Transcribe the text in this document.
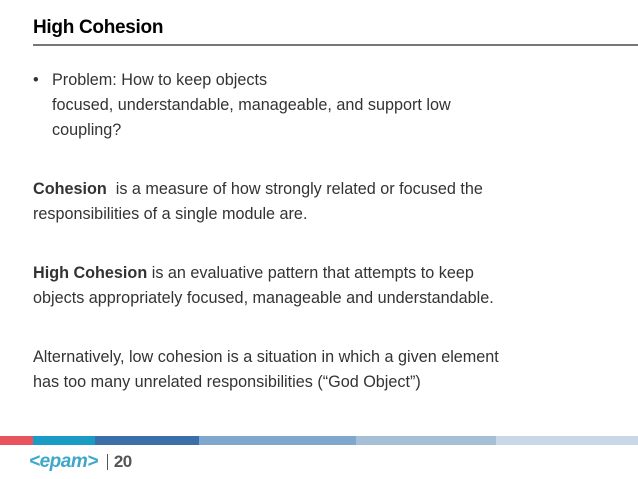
High Cohesion
• Problem: How to keep objects
focused, understandable, manageable, and support low
coupling?

Cohesion  is a measure of how strongly related or focused the
responsibilities of a single module are.

High Cohesion is an evaluative pattern that attempts to keep
objects appropriately focused, manageable and understandable.

Alternatively, low cohesion is a situation in which a given element
has too many unrelated responsibilities (“God Object”)

<epam> 20
